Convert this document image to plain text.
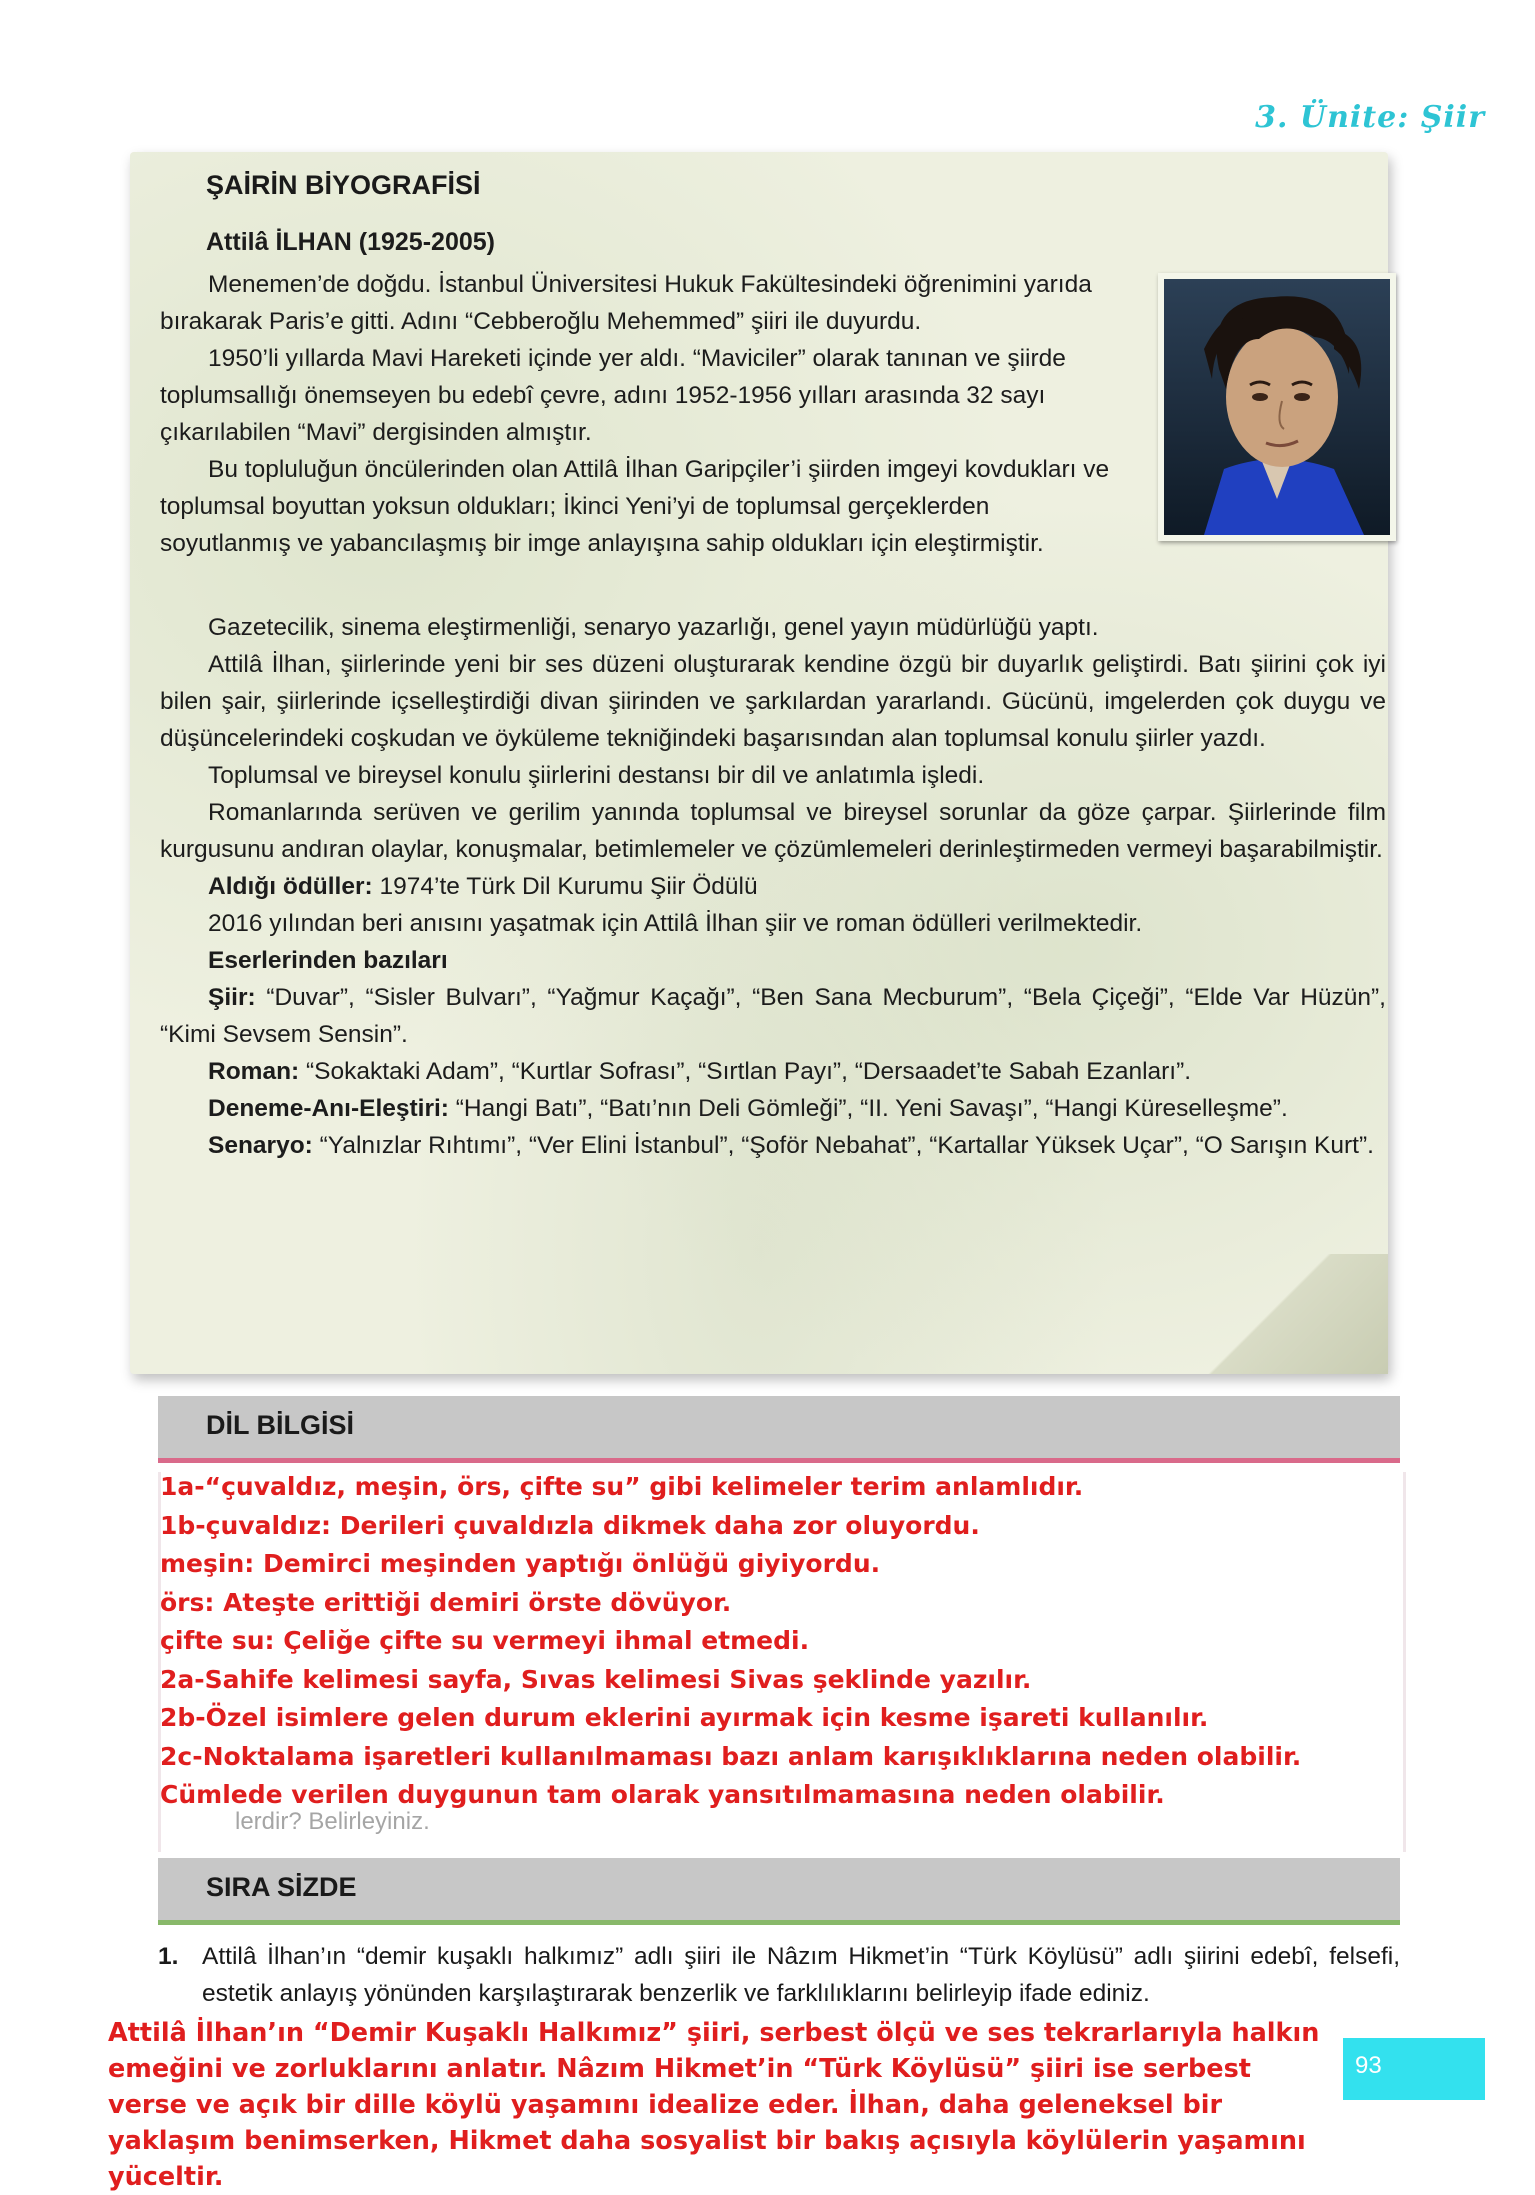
3. Ünite: Şiir
ŞAİRİN BİYOGRAFİSİ
Attilâ İLHAN (1925-2005)

Menemen’de doğdu. İstanbul Üniversitesi Hukuk Fakültesindeki öğrenimini yarıda bırakarak Paris’e gitti. Adını “Cebberoğlu Mehemmed” şiiri ile duyurdu.

1950’li yıllarda Mavi Hareketi içinde yer aldı. “Maviciler” olarak tanınan ve şiirde toplumsallığı önemseyen bu edebî çevre, adını 1952-1956 yılları arasında 32 sayı çıkarılabilen “Mavi” dergisinden almıştır.

Bu topluluğun öncülerinden olan Attilâ İlhan Garipçiler’i şiirden imgeyi kovdukları ve toplumsal boyuttan yoksun oldukları; İkinci Yeni’yi de toplumsal gerçeklerden soyutlanmış ve yabancılaşmış bir imge anlayışına sahip oldukları için eleştirmiştir.

Gazetecilik, sinema eleştirmenliği, senaryo yazarlığı, genel yayın müdürlüğü yaptı.

Attilâ İlhan, şiirlerinde yeni bir ses düzeni oluşturarak kendine özgü bir duyarlık geliştirdi. Batı şiirini çok iyi bilen şair, şiirlerinde içselleştirdiği divan şiirinden ve şarkılardan yararlandı. Gücünü, imgelerden çok duygu ve düşüncelerindeki coşkudan ve öyküleme tekniğindeki başarısından alan toplumsal konulu şiirler yazdı.

Toplumsal ve bireysel konulu şiirlerini destansı bir dil ve anlatımla işledi.

Romanlarında serüven ve gerilim yanında toplumsal ve bireysel sorunlar da göze çarpar. Şiirlerinde film kurgusunu andıran olaylar, konuşmalar, betimlemeler ve çözümlemeleri derinleştirmeden vermeyi başarabilmiştir.

Aldığı ödüller: 1974’te Türk Dil Kurumu Şiir Ödülü

2016 yılından beri anısını yaşatmak için Attilâ İlhan şiir ve roman ödülleri verilmektedir.

Eserlerinden bazıları

Şiir: “Duvar”, “Sisler Bulvarı”, “Yağmur Kaçağı”, “Ben Sana Mecburum”, “Bela Çiçeği”, “Elde Var Hüzün”, “Kimi Sevsem Sensin”.

Roman: “Sokaktaki Adam”, “Kurtlar Sofrası”, “Sırtlan Payı”, “Dersaadet’te Sabah Ezanları”.

Deneme-Anı-Eleştiri: “Hangi Batı”, “Batı’nın Deli Gömleği”, “II. Yeni Savaşı”, “Hangi Küreselleşme”.

Senaryo: “Yalnızlar Rıhtımı”, “Ver Elini İstanbul”, “Şoför Nebahat”, “Kartallar Yüksek Uçar”, “O Sarışın Kurt”.

DİL BİLGİSİ
lerdir? Belirleyiniz.
1a-“çuvaldız, meşin, örs, çifte su” gibi kelimeler terim anlamlıdır.
1b-çuvaldız: Derileri çuvaldızla dikmek daha zor oluyordu.
meşin: Demirci meşinden yaptığı önlüğü giyiyordu.
örs: Ateşte erittiği demiri örste dövüyor.
çifte su: Çeliğe çifte su vermeyi ihmal etmedi.
2a-Sahife kelimesi sayfa, Sıvas kelimesi Sivas şeklinde yazılır.
2b-Özel isimlere gelen durum eklerini ayırmak için kesme işareti kullanılır.
2c-Noktalama işaretleri kullanılmaması bazı anlam karışıklıklarına neden olabilir. Cümlede verilen duygunun tam olarak yansıtılmamasına neden olabilir.
SIRA SİZDE
1. Attilâ İlhan’ın “demir kuşaklı halkımız” adlı şiiri ile Nâzım Hikmet’in “Türk Köylüsü” adlı şiirini edebî, felsefi, estetik anlayış yönünden karşılaştırarak benzerlik ve farklılıklarını belirleyip ifade ediniz.
Attilâ İlhan’ın “Demir Kuşaklı Halkımız” şiiri, serbest ölçü ve ses tekrarlarıyla halkın emeğini ve zorluklarını anlatır. Nâzım Hikmet’in “Türk Köylüsü” şiiri ise serbest verse ve açık bir dille köylü yaşamını idealize eder. İlhan, daha geleneksel bir yaklaşım benimserken, Hikmet daha sosyalist bir bakış açısıyla köylülerin yaşamını yüceltir.
93
